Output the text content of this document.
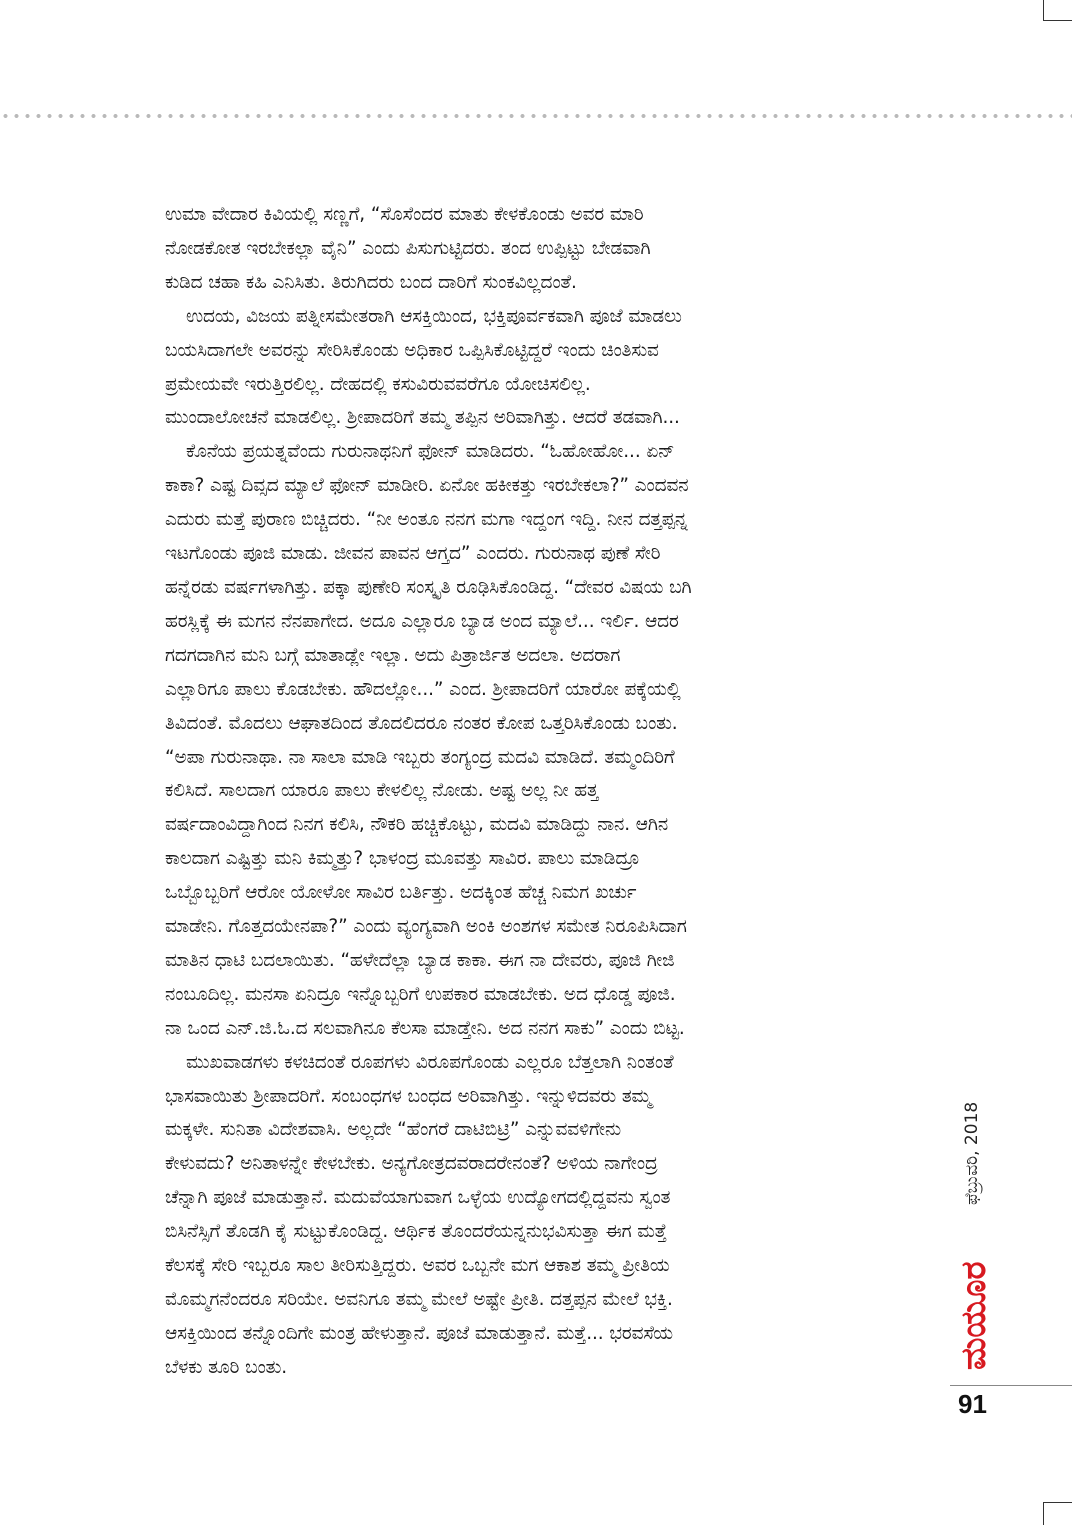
ಉಮಾ ವೇದಾರ ಕಿವಿಯಲ್ಲಿ ಸಣ್ಣಗೆ, “ಸೊಸೆಂದರ ಮಾತು ಕೇಳಕೊಂಡು ಅವರ ಮಾರಿ
ನೋಡಕೋತ ಇರಬೇಕಲ್ಲಾ ವೈನಿ” ಎಂದು ಪಿಸುಗುಟ್ಟಿದರು. ತಂದ ಉಪ್ಪಿಟ್ಟು ಬೇಡವಾಗಿ
ಕುಡಿದ ಚಹಾ ಕಹಿ ಎನಿಸಿತು. ತಿರುಗಿದರು ಬಂದ ದಾರಿಗೆ ಸುಂಕವಿಲ್ಲದಂತೆ.

ಉದಯ, ವಿಜಯ ಪತ್ನೀಸಮೇತರಾಗಿ ಆಸಕ್ತಿಯಿಂದ, ಭಕ್ತಿಪೂರ್ವಕವಾಗಿ ಪೂಜೆ ಮಾಡಲು
ಬಯಸಿದಾಗಲೇ ಅವರನ್ನು ಸೇರಿಸಿಕೊಂಡು ಅಧಿಕಾರ ಒಪ್ಪಿಸಿಕೊಟ್ಟಿದ್ದರೆ ಇಂದು ಚಿಂತಿಸುವ
ಪ್ರಮೇಯವೇ ಇರುತ್ತಿರಲಿಲ್ಲ. ದೇಹದಲ್ಲಿ ಕಸುವಿರುವವರೆಗೂ ಯೋಚಿಸಲಿಲ್ಲ.
ಮುಂದಾಲೋಚನೆ ಮಾಡಲಿಲ್ಲ. ಶ್ರೀಪಾದರಿಗೆ ತಮ್ಮ ತಪ್ಪಿನ ಅರಿವಾಗಿತ್ತು. ಆದರೆ ತಡವಾಗಿ...

ಕೊನೆಯ ಪ್ರಯತ್ನವೆಂದು ಗುರುನಾಥನಿಗೆ ಫೋನ್ ಮಾಡಿದರು. “ಓಹೋಹೋ... ಏನ್
ಕಾಕಾ? ಎಷ್ಟ ದಿವ್ಸದ ಮ್ಯಾಲೆ ಫೋನ್ ಮಾಡೀರಿ. ಏನೋ ಹಕೀಕತ್ತು ಇರಬೇಕಲಾ?” ಎಂದವನ
ಎದುರು ಮತ್ತೆ ಪುರಾಣ ಬಿಚ್ಚಿದರು. “ನೀ ಅಂತೂ ನನಗ ಮಗಾ ಇದ್ದಂಗ ಇದ್ದಿ. ನೀನ ದತ್ತಪ್ಪನ್ನ
ಇಟಗೊಂಡು ಪೂಜಿ ಮಾಡು. ಜೀವನ ಪಾವನ ಆಗ್ತದ” ಎಂದರು. ಗುರುನಾಥ ಪುಣೆ ಸೇರಿ
ಹನ್ನೆರಡು ವರ್ಷಗಳಾಗಿತ್ತು. ಪಕ್ಕಾ ಪುಣೇರಿ ಸಂಸ್ಕೃತಿ ರೂಢಿಸಿಕೊಂಡಿದ್ದ. “ದೇವರ ವಿಷಯ ಬಗಿ
ಹರಸ್ಲಿಕ್ಕೆ ಈ ಮಗನ ನೆನಪಾಗೇದ. ಅದೂ ಎಲ್ಲಾರೂ ಬ್ಯಾಡ ಅಂದ ಮ್ಯಾಲೆ... ಇರ್ಲಿ. ಆದರ
ಗದಗದಾಗಿನ ಮನಿ ಬಗ್ಗೆ ಮಾತಾಡ್ಲೇ ಇಲ್ಲಾ. ಅದು ಪಿತ್ರಾರ್ಜಿತ ಅದಲಾ. ಅದರಾಗ
ಎಲ್ಲಾರಿಗೂ ಪಾಲು ಕೊಡಬೇಕು. ಹೌದಲ್ಲೋ...” ಎಂದ. ಶ್ರೀಪಾದರಿಗೆ ಯಾರೋ ಪಕ್ಕೆಯಲ್ಲಿ
ತಿವಿದಂತೆ. ಮೊದಲು ಆಘಾತದಿಂದ ತೊದಲಿದರೂ ನಂತರ ಕೋಪ ಒತ್ತರಿಸಿಕೊಂಡು ಬಂತು.
“ಅಪಾ ಗುರುನಾಥಾ. ನಾ ಸಾಲಾ ಮಾಡಿ ಇಬ್ಬರು ತಂಗ್ಯಂದ್ರ ಮದವಿ ಮಾಡಿದೆ. ತಮ್ಮಂದಿರಿಗೆ
ಕಲಿಸಿದೆ. ಸಾಲದಾಗ ಯಾರೂ ಪಾಲು ಕೇಳಲಿಲ್ಲ ನೋಡು. ಅಷ್ಟ ಅಲ್ಲ ನೀ ಹತ್ತ
ವರ್ಷದಾಂವಿದ್ದಾಗಿಂದ ನಿನಗ ಕಲಿಸಿ, ನೌಕರಿ ಹಚ್ಚಿಕೊಟ್ಟು, ಮದವಿ ಮಾಡಿದ್ದು ನಾನ. ಆಗಿನ
ಕಾಲದಾಗ ಎಷ್ಟಿತ್ತು ಮನಿ ಕಿಮ್ಮತ್ತು? ಭಾಳಂದ್ರ ಮೂವತ್ತು ಸಾವಿರ. ಪಾಲು ಮಾಡಿದ್ರೂ
ಒಬ್ಬೊಬ್ಬರಿಗೆ ಆರೋ ಯೋಳೋ ಸಾವಿರ ಬರ್ತಿತ್ತು. ಅದಕ್ಕಿಂತ ಹೆಚ್ಚ ನಿಮಗ ಖರ್ಚು
ಮಾಡೇನಿ. ಗೊತ್ತದಯೇನಪಾ?” ಎಂದು ವ್ಯಂಗ್ಯವಾಗಿ ಅಂಕಿ ಅಂಶಗಳ ಸಮೇತ ನಿರೂಪಿಸಿದಾಗ
ಮಾತಿನ ಧಾಟಿ ಬದಲಾಯಿತು. “ಹಳೇದೆಲ್ಲಾ ಬ್ಯಾಡ ಕಾಕಾ. ಈಗ ನಾ ದೇವರು, ಪೂಜಿ ಗೀಜಿ
ನಂಬೂದಿಲ್ಲ. ಮನಸಾ ಏನಿದ್ರೂ ಇನ್ನೊಬ್ಬರಿಗೆ ಉಪಕಾರ ಮಾಡಬೇಕು. ಅದ ಧೊಡ್ಡ ಪೂಜಿ.
ನಾ ಒಂದ ಎನ್.ಜಿ.ಓ.ದ ಸಲವಾಗಿನೂ ಕೆಲಸಾ ಮಾಡ್ತೇನಿ. ಅದ ನನಗ ಸಾಕು” ಎಂದು ಬಿಟ್ಟ.

ಮುಖವಾಡಗಳು ಕಳಚಿದಂತೆ ರೂಪಗಳು ವಿರೂಪಗೊಂಡು ಎಲ್ಲರೂ ಬೆತ್ತಲಾಗಿ ನಿಂತಂತೆ
ಭಾಸವಾಯಿತು ಶ್ರೀಪಾದರಿಗೆ. ಸಂಬಂಧಗಳ ಬಂಧದ ಅರಿವಾಗಿತ್ತು. ಇನ್ನುಳಿದವರು ತಮ್ಮ
ಮಕ್ಕಳೇ. ಸುನಿತಾ ವಿದೇಶವಾಸಿ. ಅಲ್ಲದೇ “ಹೆಂಗರೆ ದಾಟಿಬಿಟ್ರಿ” ಎನ್ನುವವಳಿಗೇನು
ಕೇಳುವದು? ಅನಿತಾಳನ್ನೇ ಕೇಳಬೇಕು. ಅನ್ಯಗೋತ್ರದವರಾದರೇನಂತೆ? ಅಳಿಯ ನಾಗೇಂದ್ರ
ಚೆನ್ನಾಗಿ ಪೂಜೆ ಮಾಡುತ್ತಾನೆ. ಮದುವೆಯಾಗುವಾಗ ಒಳ್ಳೆಯ ಉದ್ಯೋಗದಲ್ಲಿದ್ದವನು ಸ್ವಂತ
ಬಿಸಿನೆಸ್ಸಿಗೆ ತೊಡಗಿ ಕೈ ಸುಟ್ಟುಕೊಂಡಿದ್ದ. ಆರ್ಥಿಕ ತೊಂದರೆಯನ್ನನುಭವಿಸುತ್ತಾ ಈಗ ಮತ್ತೆ
ಕೆಲಸಕ್ಕೆ ಸೇರಿ ಇಬ್ಬರೂ ಸಾಲ ತೀರಿಸುತ್ತಿದ್ದರು. ಅವರ ಒಬ್ಬನೇ ಮಗ ಆಕಾಶ ತಮ್ಮ ಪ್ರೀತಿಯ
ಮೊಮ್ಮಗನೆಂದರೂ ಸರಿಯೇ. ಅವನಿಗೂ ತಮ್ಮ ಮೇಲೆ ಅಷ್ಟೇ ಪ್ರೀತಿ. ದತ್ತಪ್ಪನ ಮೇಲೆ ಭಕ್ತಿ.
ಆಸಕ್ತಿಯಿಂದ ತನ್ನೊಂದಿಗೇ ಮಂತ್ರ ಹೇಳುತ್ತಾನೆ. ಪೂಜೆ ಮಾಡುತ್ತಾನೆ. ಮತ್ತೆ... ಭರವಸೆಯ
ಬೆಳಕು ತೂರಿ ಬಂತು.	ಮಯೂರ
ಫೆಬ್ರುವರಿ, 2018
91
